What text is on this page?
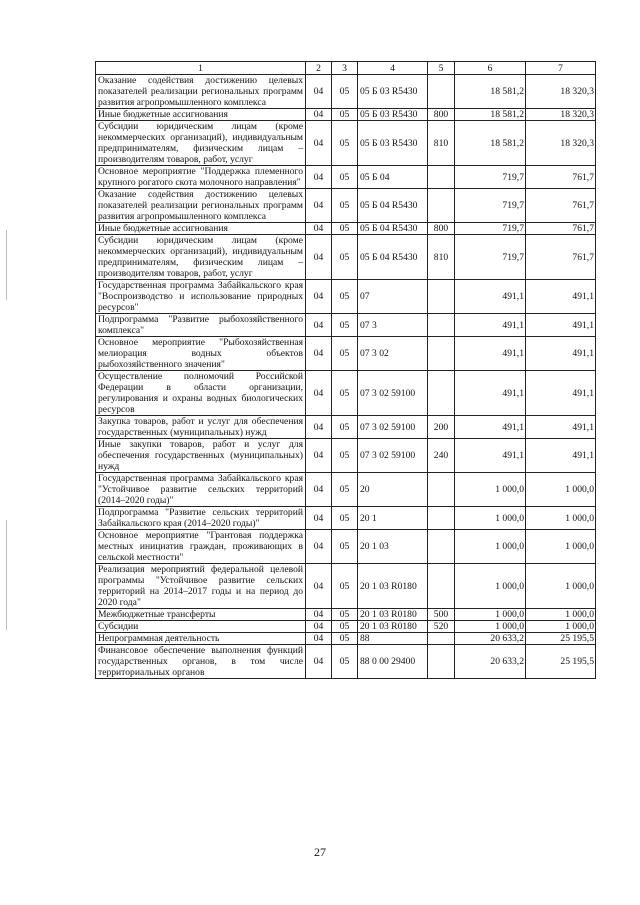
1	2	3	4	5	6	7
Оказание содействия достижению целевых показателей реализации региональных программ развития агропромышленного комплекса	04	05	05 Б 03 R5430		18 581,2	18 320,3
Иные бюджетные ассигнования	04	05	05 Б 03 R5430	800	18 581,2	18 320,3
Субсидии юридическим лицам (кроме некоммерческих организаций), индивидуальным предпринимателям, физическим лицам – производителям товаров, работ, услуг	04	05	05 Б 03 R5430	810	18 581,2	18 320,3
Основное мероприятие "Поддержка племенного крупного рогатого скота молочного направления"	04	05	05 Б 04		719,7	761,7
Оказание содействия достижению целевых показателей реализации региональных программ развития агропромышленного комплекса	04	05	05 Б 04 R5430		719,7	761,7
Иные бюджетные ассигнования	04	05	05 Б 04 R5430	800	719,7	761,7
Субсидии юридическим лицам (кроме некоммерческих организаций), индивидуальным предпринимателям, физическим лицам – производителям товаров, работ, услуг	04	05	05 Б 04 R5430	810	719,7	761,7
Государственная программа Забайкальского края "Воспроизводство и использование природных ресурсов"	04	05	07		491,1	491,1
Подпрограмма "Развитие рыбохозяйственного комплекса"	04	05	07 3		491,1	491,1
Основное мероприятие "Рыбохозяйственная мелиорация водных объектов рыбохозяйственного значения"	04	05	07 3 02		491,1	491,1
Осуществление полномочий Российской Федерации в области организации, регулирования и охраны водных биологических ресурсов	04	05	07 3 02 59100		491,1	491,1
Закупка товаров, работ и услуг для обеспечения государственных (муниципальных) нужд	04	05	07 3 02 59100	200	491,1	491,1
Иные закупки товаров, работ и услуг для обеспечения государственных (муниципальных) нужд	04	05	07 3 02 59100	240	491,1	491,1
Государственная программа Забайкальского края "Устойчивое развитие сельских территорий (2014–2020 годы)"	04	05	20		1 000,0	1 000,0
Подпрограмма "Развитие сельских территорий Забайкальского края (2014–2020 годы)"	04	05	20 1		1 000,0	1 000,0
Основное мероприятие "Грантовая поддержка местных инициатив граждан, проживающих в сельской местности"	04	05	20 1 03		1 000,0	1 000,0
Реализация мероприятий федеральной целевой программы "Устойчивое развитие сельских территорий на 2014–2017 годы и на период до 2020 года"	04	05	20 1 03 R0180		1 000,0	1 000,0
Межбюджетные трансферты	04	05	20 1 03 R0180	500	1 000,0	1 000,0
Субсидии	04	05	20 1 03 R0180	520	1 000,0	1 000,0
Непрограммная деятельность	04	05	88		20 633,2	25 195,5
Финансовое обеспечение выполнения функций государственных органов, в том числе территориальных органов	04	05	88 0 00 29400		20 633,2	25 195,5
27
